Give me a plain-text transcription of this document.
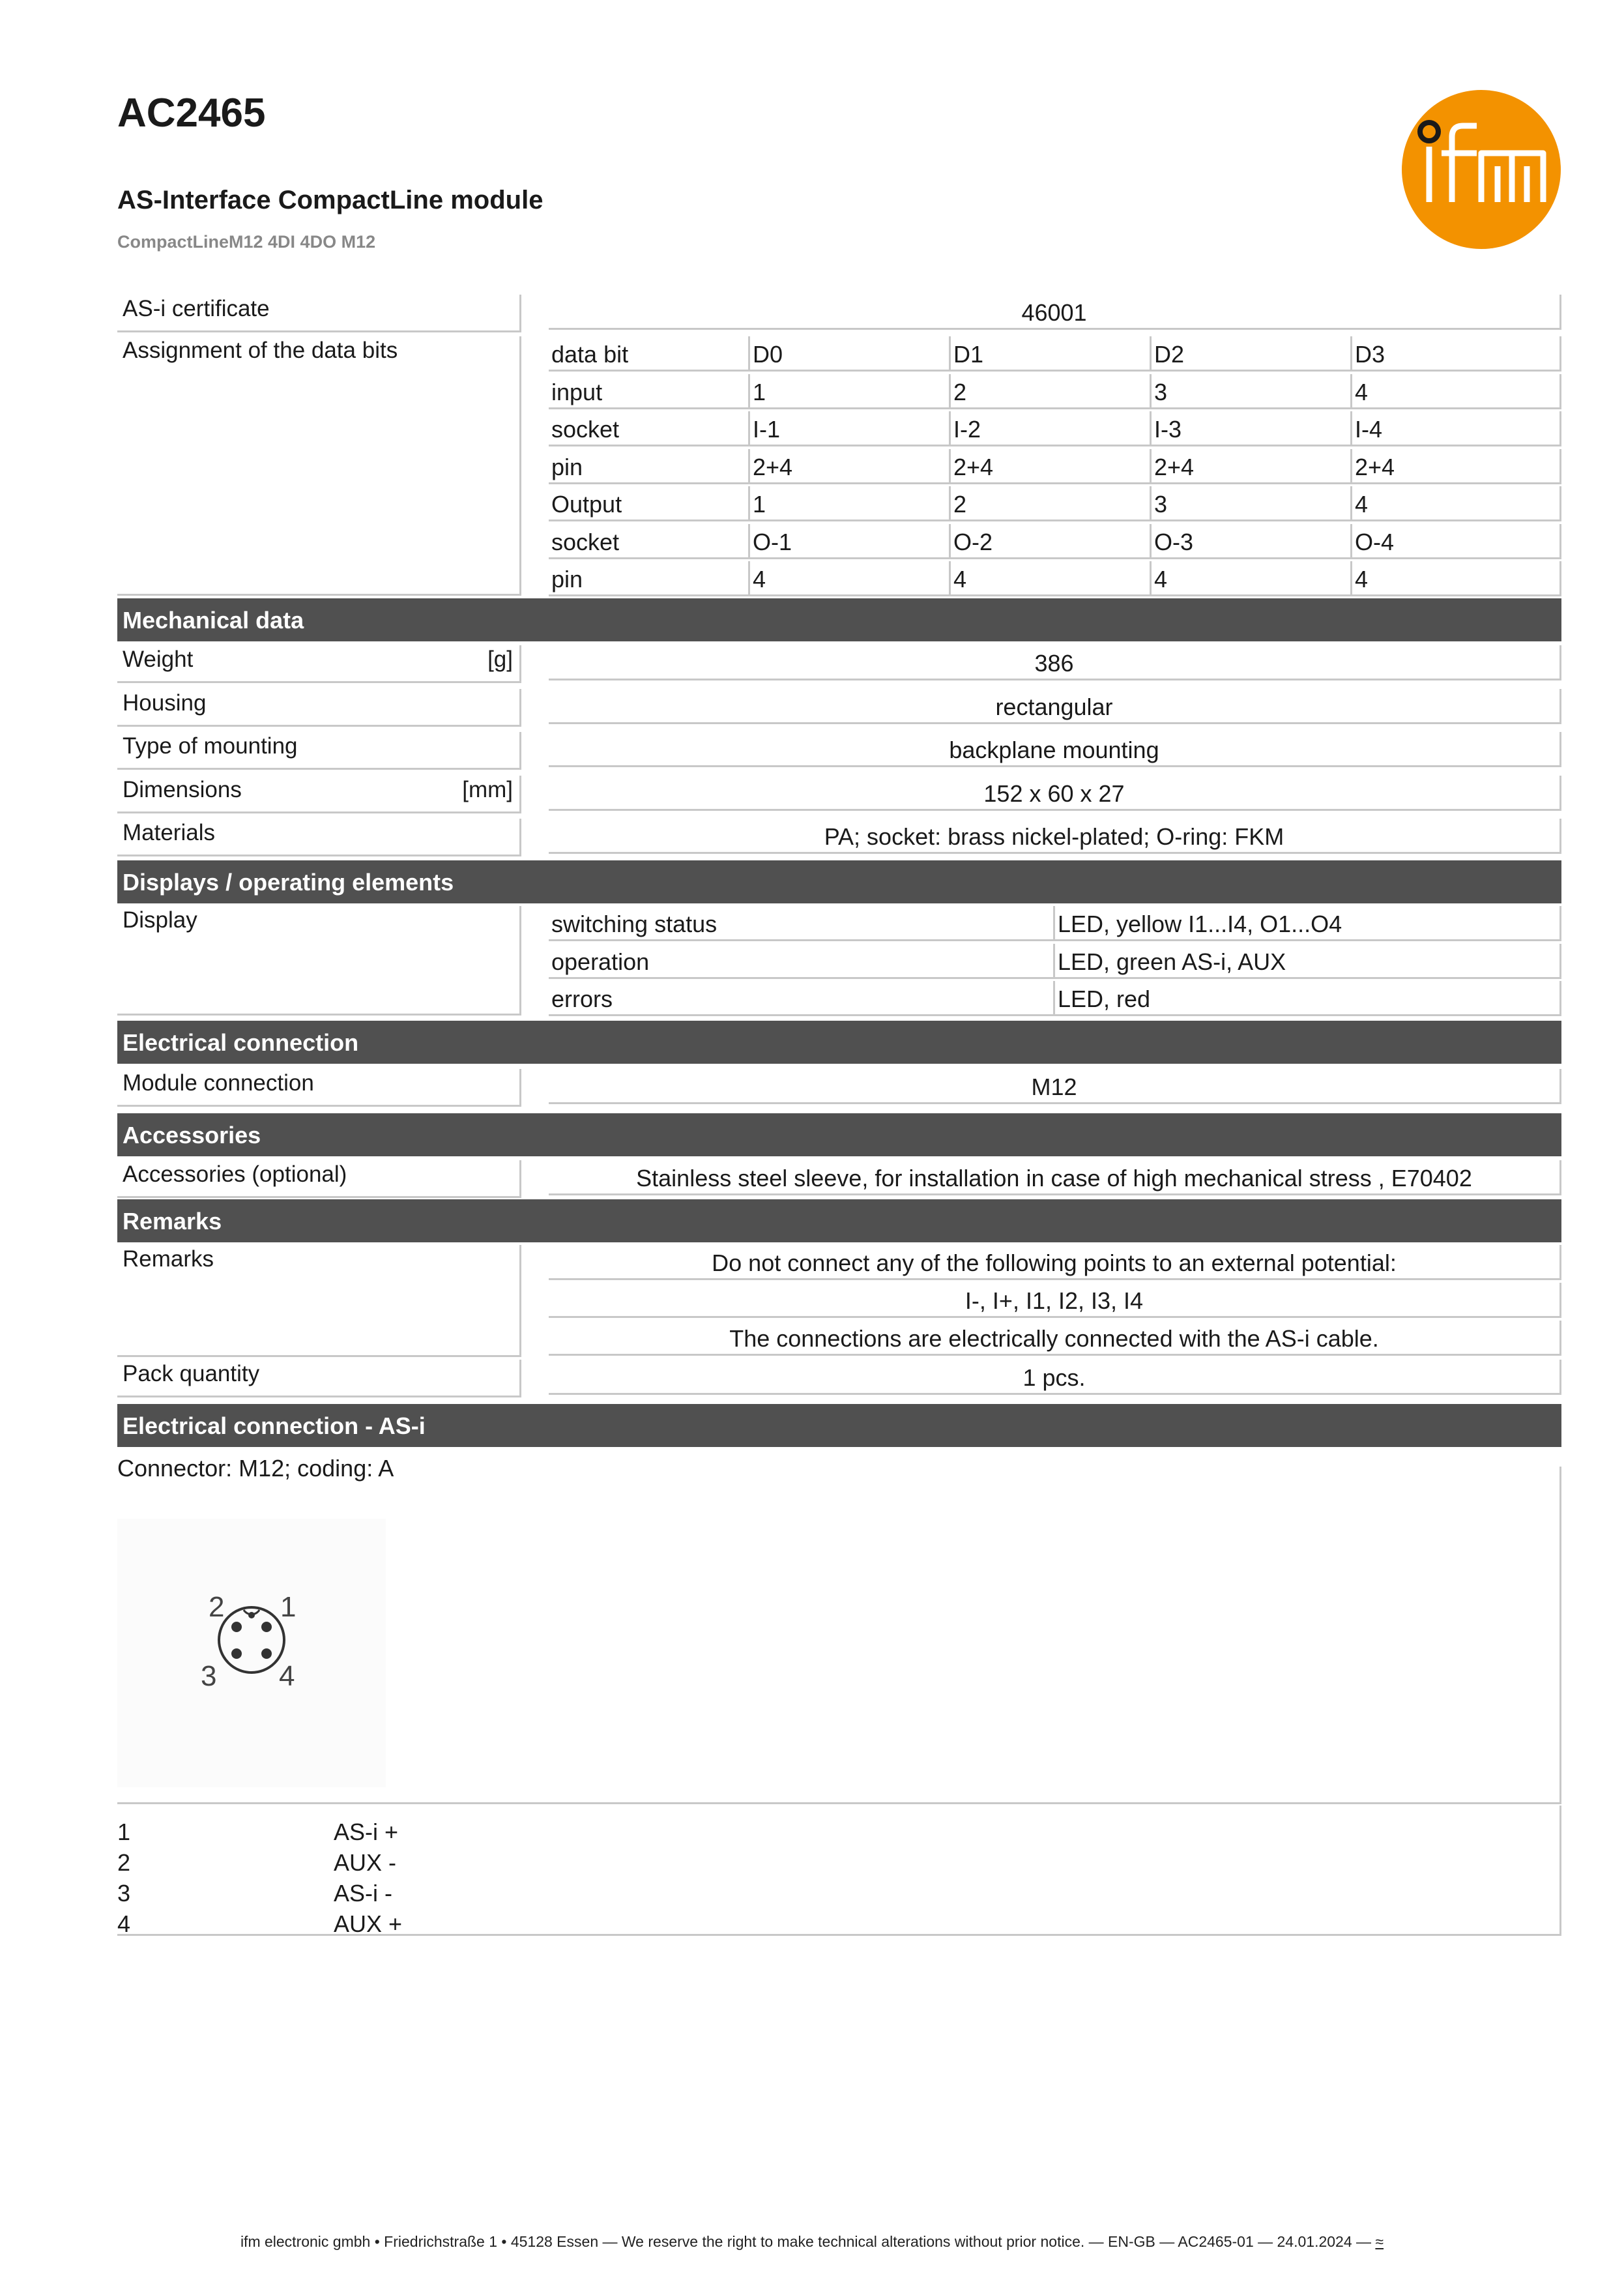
AC2465
AS-Interface CompactLine module
CompactLineM12 4DI 4DO M12
AS-i certificate	46001
Assignment of the data bits	data bit	D0	D1	D2	D3
input	1	2	3	4
socket	I-1	I-2	I-3	I-4
pin	2+4	2+4	2+4	2+4
Output	1	2	3	4
socket	O-1	O-2	O-3	O-4
pin	4	4	4	4
Mechanical data
Weight	[g]	386
Housing	rectangular
Type of mounting	backplane mounting
Dimensions	[mm]	152 x 60 x 27
Materials	PA; socket: brass nickel-plated; O-ring: FKM
Displays / operating elements
Display	switching status	LED, yellow I1...I4, O1...O4
operation	LED, green AS-i, AUX
errors	LED, red
Electrical connection
Module connection	M12
Accessories
Accessories (optional)	Stainless steel sleeve, for installation in case of high mechanical stress , E70402
Remarks
Remarks	Do not connect any of the following points to an external potential:
I-, I+, I1, I2, I3, I4
The connections are electrically connected with the AS-i cable.
Pack quantity	1 pcs.
Electrical connection - AS-i
Connector: M12; coding: A
2 1
3 4
1	AS-i +
2	AUX -
3	AS-i -
4	AUX +
ifm electronic gmbh • Friedrichstraße 1 • 45128 Essen — We reserve the right to make technical alterations without prior notice. — EN-GB — AC2465-01 — 24.01.2024 — ≈
